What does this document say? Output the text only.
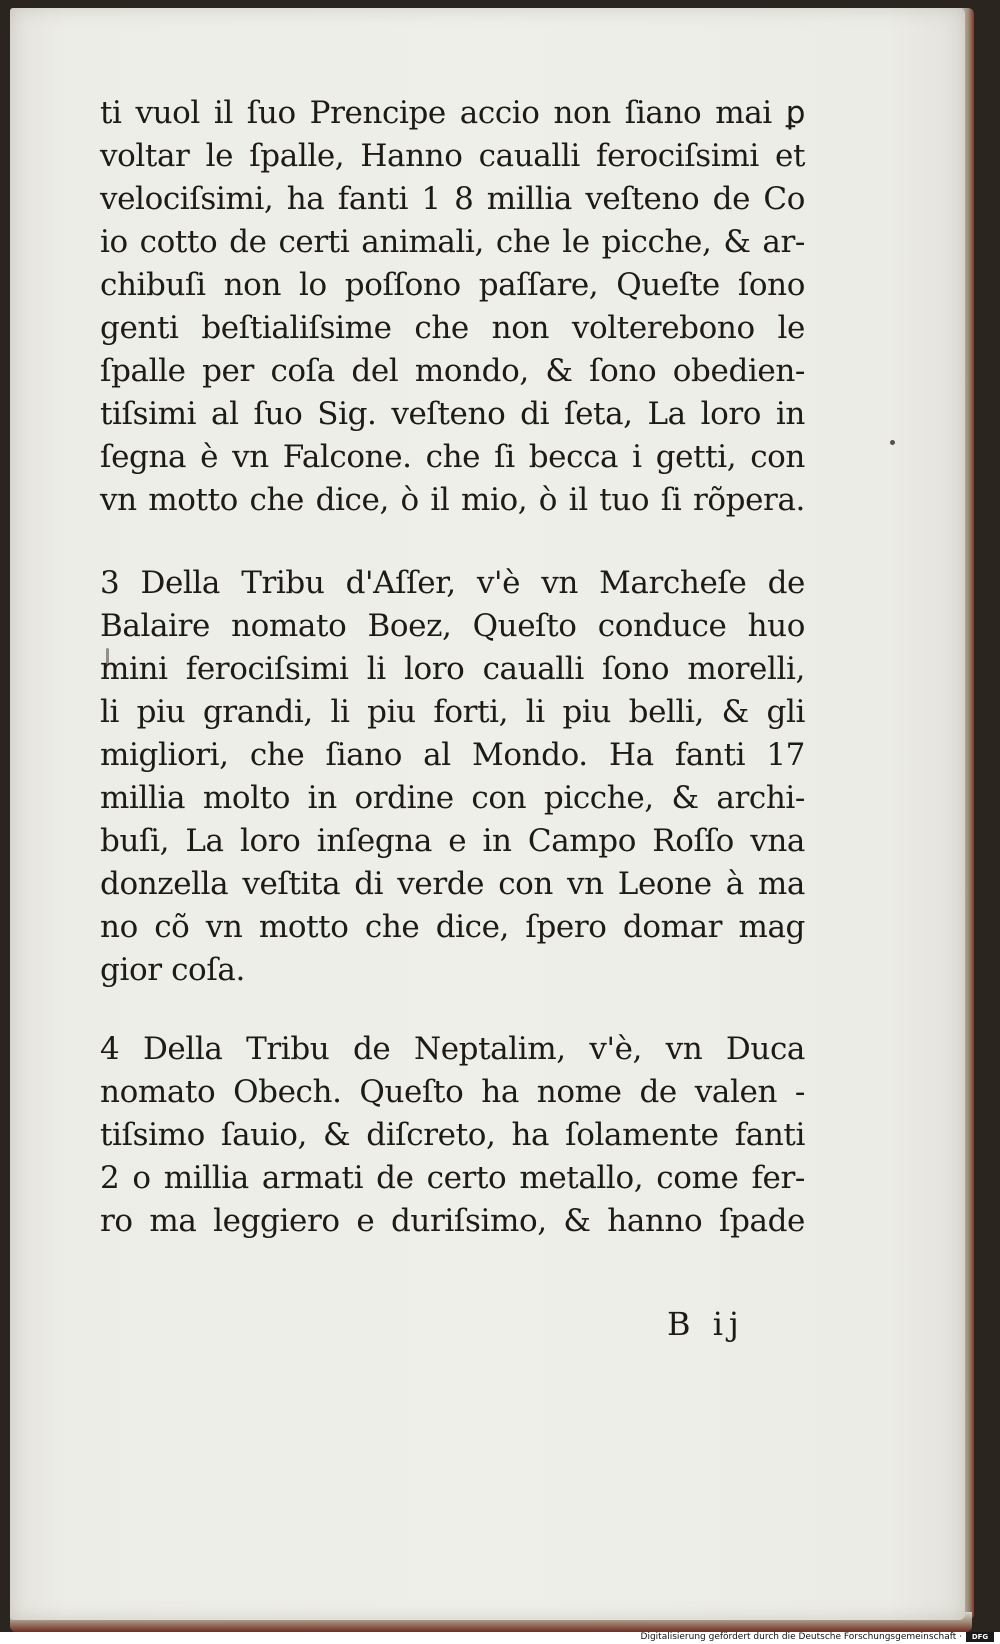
ti vuol il ſuo Prencipe accio non ſiano mai ꝑ
voltar le ſpalle, Hanno caualli ferociſsimi et
velociſsimi, ha fanti 1 8 millia veſteno de Co
io cotto de certi animali, che le picche, & ar-
chibuſi non lo poſſono paſſare, Queſte ſono
genti beſtialiſsime che non volterebono le
ſpalle per coſa del mondo, & ſono obedien-
tiſsimi al ſuo Sig. veſteno di ſeta, La loro in
ſegna è vn Falcone. che ſi becca i getti, con
vn motto che dice, ò il mio, ò il tuo ſi rõpera.
3 Della Tribu d'Aſſer, v'è vn Marcheſe de
Balaire nomato Boez, Queſto conduce huo
mini ferociſsimi li loro caualli ſono morelli,
li piu grandi, li piu forti, li piu belli, & gli
migliori, che ſiano al Mondo. Ha fanti 17
millia molto in ordine con picche, & archi-
buſi, La loro inſegna e in Campo Roſſo vna
donzella veſtita di verde con vn Leone à ma
no cõ vn motto che dice, ſpero domar mag
gior coſa.
4 Della Tribu de Neptalim, v'è, vn Duca
nomato Obech. Queſto ha nome de valen -
tiſsimo ſauio, & diſcreto, ha ſolamente fanti
2 o millia armati de certo metallo, come fer-
ro ma leggiero e duriſsimo, & hanno ſpade
B ij
Digitalisierung gefördert durch die Deutsche Forschungsgemeinschaft ·	DFG
